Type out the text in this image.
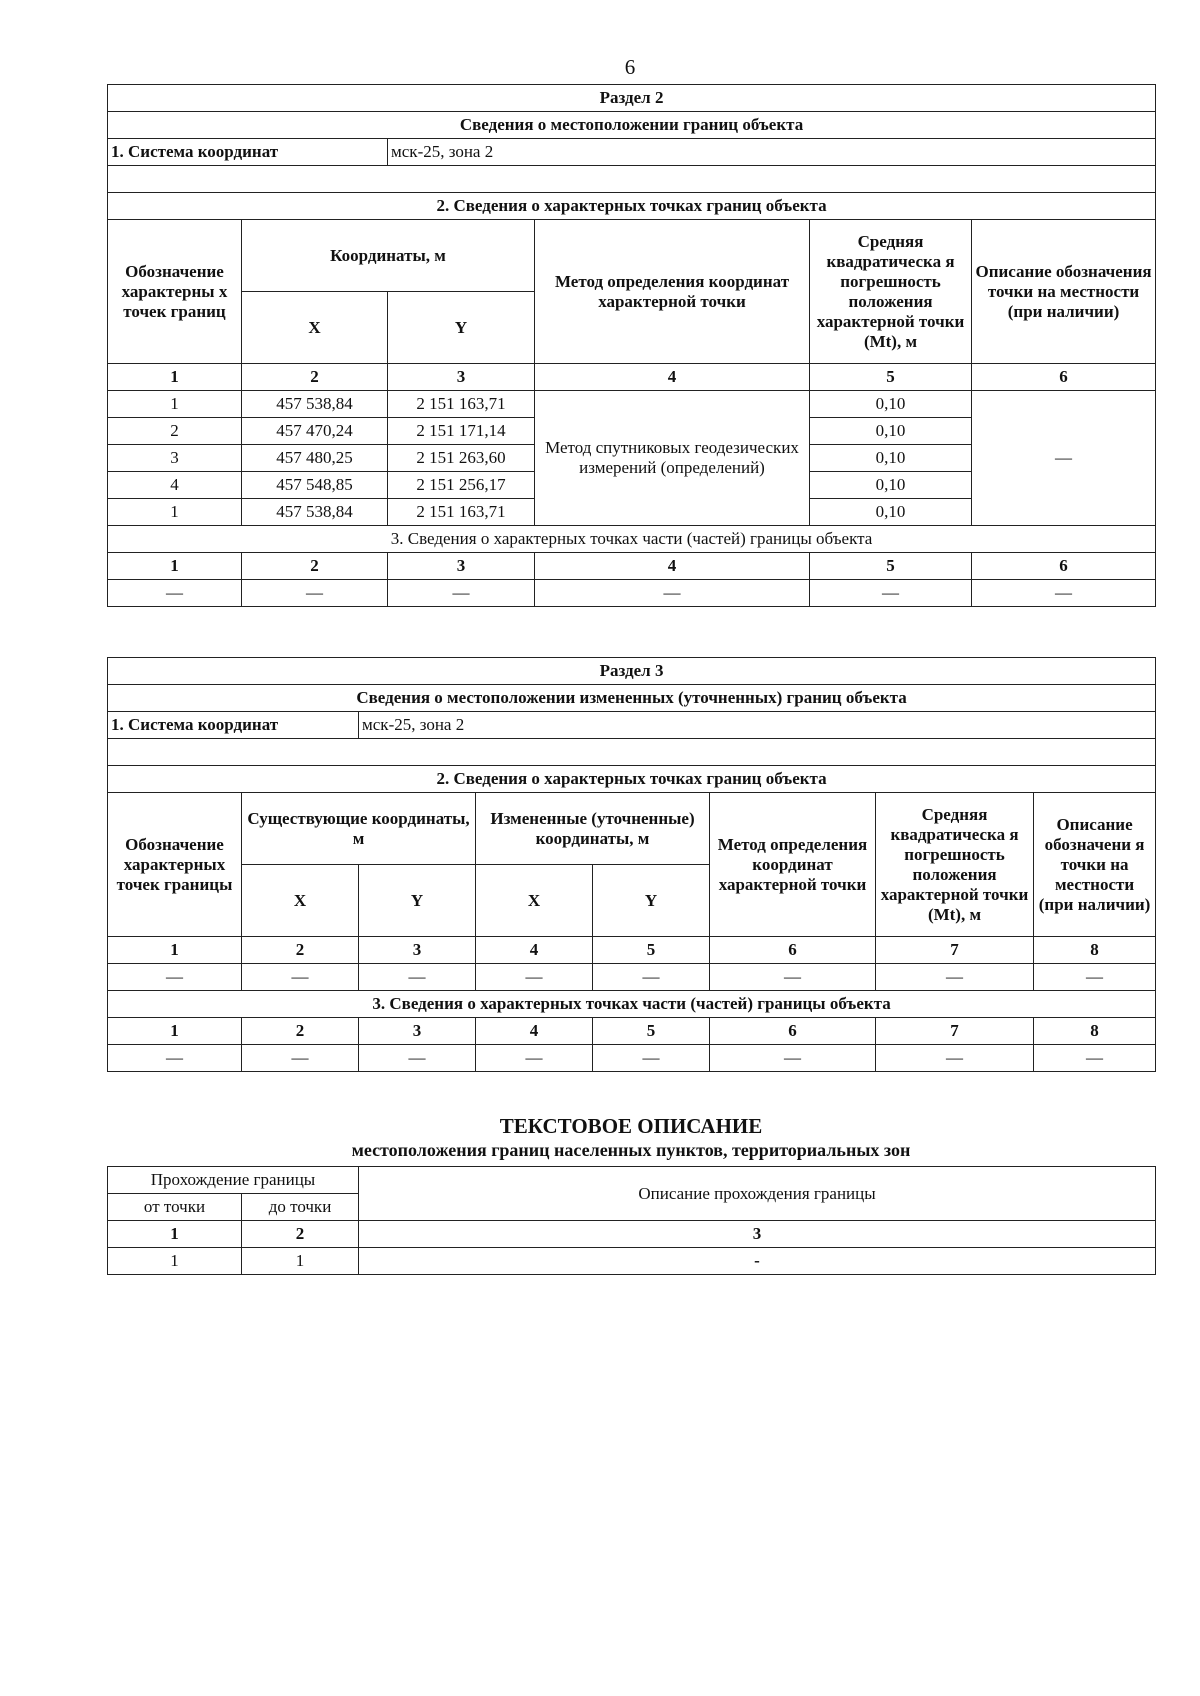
6
Раздел 2					
Сведения о местоположении границ объекта					
1. Система координат		мск-25, зона 2			

2. Сведения о характерных точках границ объекта					
Обозначение характерны х точек границ	Координаты, м		Метод определения координат характерной точки	Средняя квадратическа я погрешность положения характерной точки (Mt), м	Описание обозначения точки на местности (при наличии)
	X	Y			
1	2	3	4	5	6
1	457 538,84	2 151 163,71	Метод спутниковых геодезических измерений (определений)	0,10	—
2	457 470,24	2 151 171,14		0,10	
3	457 480,25	2 151 263,60		0,10	
4	457 548,85	2 151 256,17		0,10	
1	457 538,84	2 151 163,71		0,10	
3. Сведения о характерных точках части (частей) границы объекта					
1	2	3	4	5	6
—	—	—	—	—	—
Раздел 3							
Сведения о местоположении измененных (уточненных) границ объекта							
1. Система координат		мск-25, зона 2					

2. Сведения о характерных точках границ объекта							
Обозначение характерных точек границы	Существующие координаты, м		Измененные (уточненные) координаты, м		Метод определения координат характерной точки	Средняя квадратическа я погрешность положения характерной точки (Mt), м	Описание обозначени я точки на местности (при наличии)
	X	Y	X	Y			
1	2	3	4	5	6	7	8
—	—	—	—	—	—	—	—
3. Сведения о характерных точках части (частей) границы объекта							
1	2	3	4	5	6	7	8
—	—	—	—	—	—	—	—
ТЕКСТОВОЕ ОПИСАНИЕ
местоположения границ населенных пунктов, территориальных зон
Прохождение границы		Описание прохождения границы
от точки	до точки	
1	2	3
1	1	-
